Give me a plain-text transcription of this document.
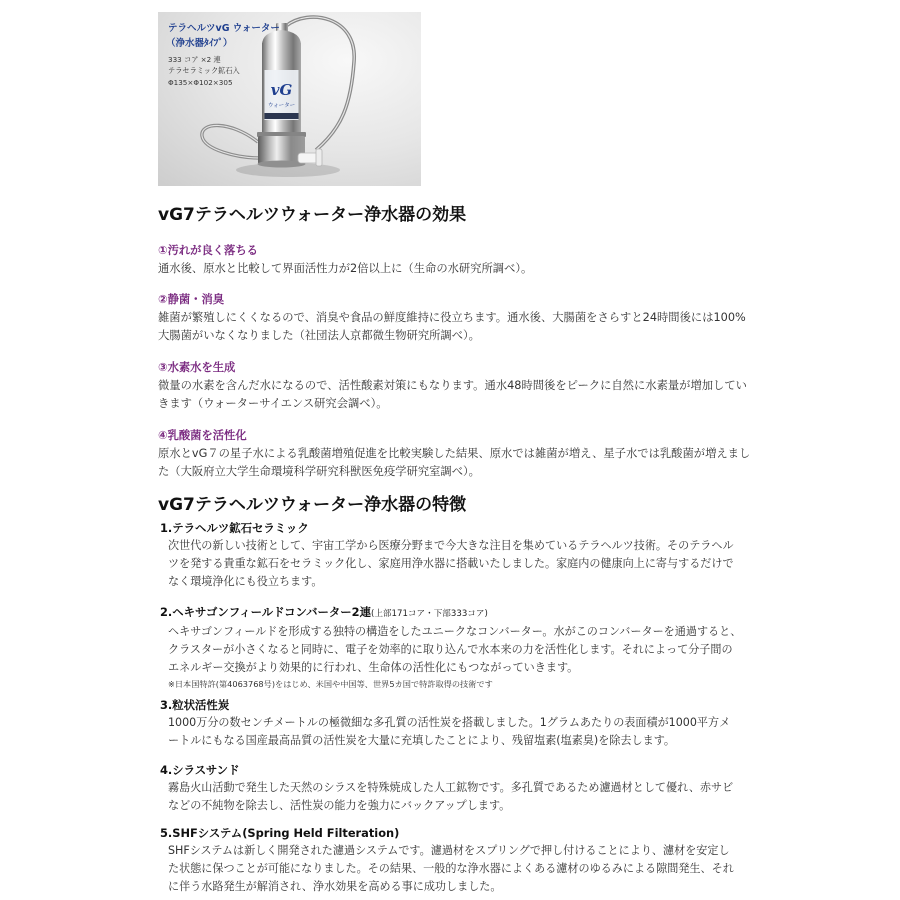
vG
ウォーター
テラヘルツvG ウォーター
（浄水器ﾀｲﾌﾟ）
333 コア ×2 連
テラセラミック鉱石入
Φ135×Φ102×305
vG7テラヘルツウォーター浄水器の効果
①汚れが良く落ちる
通水後、原水と比較して界面活性力が2倍以上に（生命の水研究所調べ）。
②静菌・消臭
雑菌が繁殖しにくくなるので、消臭や食品の鮮度維持に役立ちます。通水後、大腸菌をさらすと24時間後には100%
大腸菌がいなくなりました（社団法人京都微生物研究所調べ）。
③水素水を生成
微量の水素を含んだ水になるので、活性酸素対策にもなります。通水48時間後をピークに自然に水素量が増加してい
きます（ウォーターサイエンス研究会調べ）。
④乳酸菌を活性化
原水とvG７の星子水による乳酸菌増殖促進を比較実験した結果、原水では雑菌が増え、星子水では乳酸菌が増えまし
た（大阪府立大学生命環境科学研究科獣医免疫学研究室調べ）。
vG7テラヘルツウォーター浄水器の特徴
1.テラヘルツ鉱石セラミック
次世代の新しい技術として、宇宙工学から医療分野まで今大きな注目を集めているテラヘルツ技術。そのテラヘル
ツを発する貴重な鉱石をセラミック化し、家庭用浄水器に搭載いたしました。家庭内の健康向上に寄与するだけで
なく環境浄化にも役立ちます。
2.ヘキサゴンフィールドコンバーター2連(上部171コア・下部333コア)
ヘキサゴンフィールドを形成する独特の構造をしたユニークなコンバーター。水がこのコンバーターを通過すると、
クラスターが小さくなると同時に、電子を効率的に取り込んで水本来の力を活性化します。それによって分子間の
エネルギー交換がより効果的に行われ、生命体の活性化にもつながっていきます。
※日本国特許(第4063768号)をはじめ、米国や中国等、世界5カ国で特許取得の技術です
3.粒状活性炭
1000万分の数センチメートルの極微細な多孔質の活性炭を搭載しました。1グラムあたりの表面積が1000平方メ
ートルにもなる国産最高品質の活性炭を大量に充填したことにより、残留塩素(塩素臭)を除去します。
4.シラスサンド
霧島火山活動で発生した天然のシラスを特殊焼成した人工鉱物です。多孔質であるため濾過材として優れ、赤サビ
などの不純物を除去し、活性炭の能力を強力にバックアップします。
5.SHFシステム(Spring Held Filteration)
SHFシステムは新しく開発された濾過システムです。濾過材をスプリングで押し付けることにより、濾材を安定し
た状態に保つことが可能になりました。その結果、一般的な浄水器によくある濾材のゆるみによる隙間発生、それ
に伴う水路発生が解消され、浄水効果を高める事に成功しました。
